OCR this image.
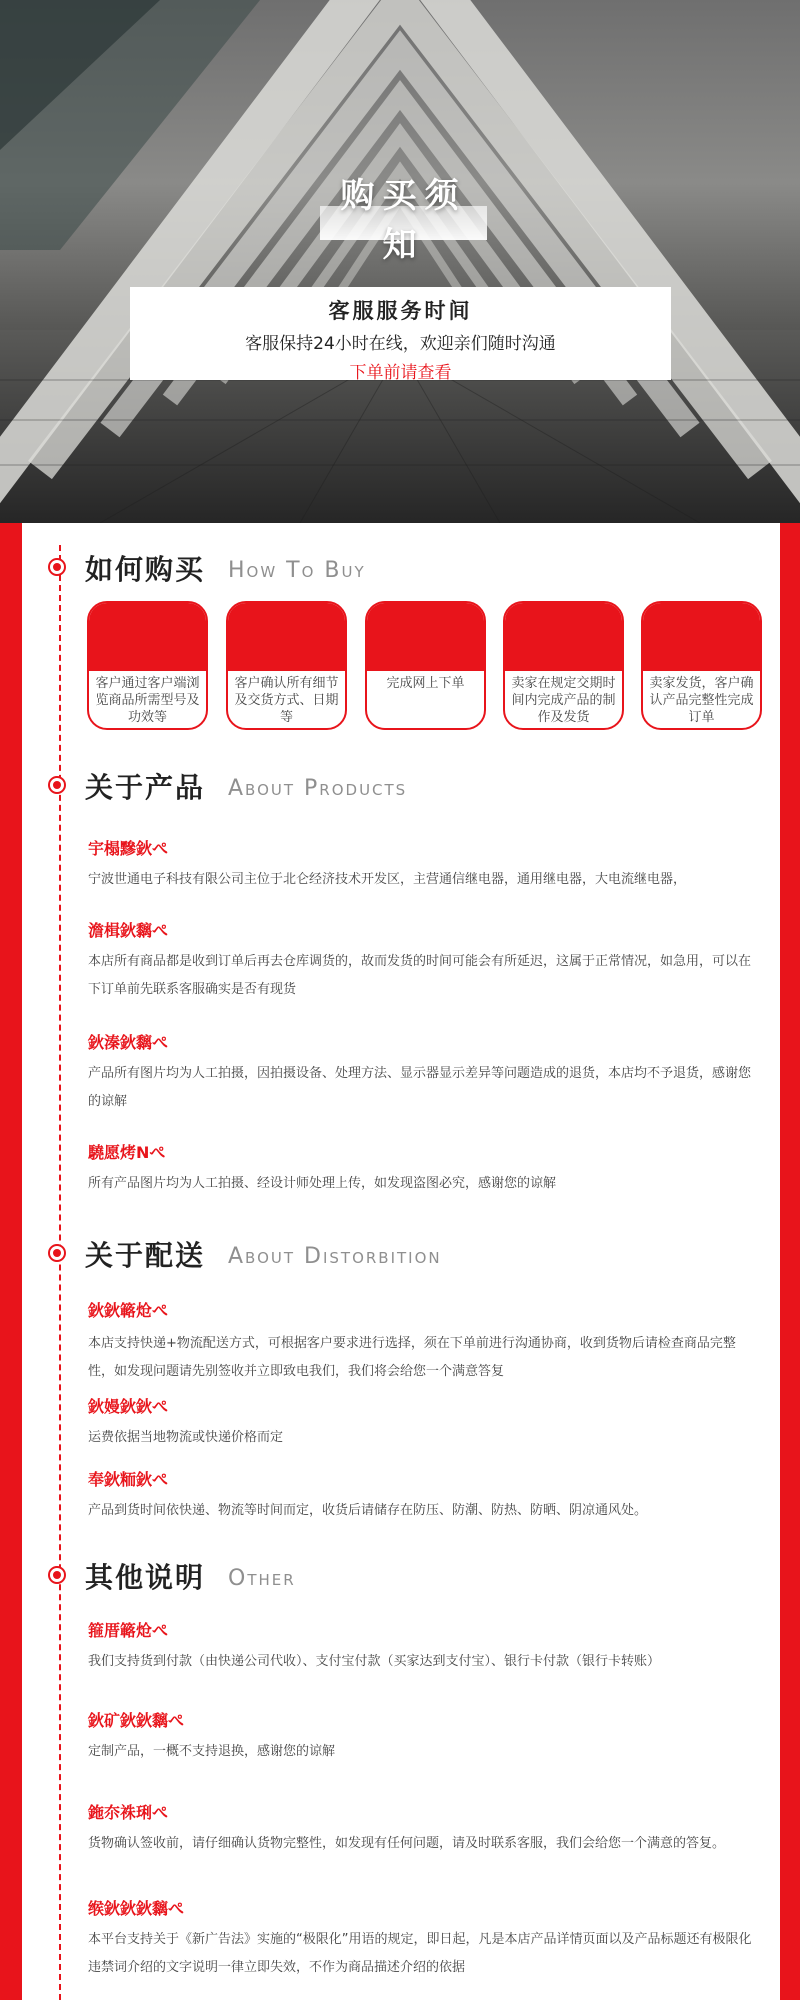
购买须知
客服服务时间
客服保持24小时在线，欢迎亲们随时沟通
下单前请查看
如何购买 How To Buy
客户通过客户端浏览商品所需型号及功效等
客户确认所有细节及交货方式、日期等
完成网上下单	卖家在规定交期时间内完成产品的制作及发货
卖家发货，客户确认产品完整性完成订单
关于产品 About Products
宇榻黲鈥ぺ
宁波世通电子科技有限公司主位于北仑经济技术开发区，主营通信继电器，通用继电器，大电流继电器，
澹楫鈥黐ぺ
本店所有商品都是收到订单后再去仓库调货的，故而发货的时间可能会有所延迟，这属于正常情况，如急用，可以在下订单前先联系客服确实是否有现货
鈥溱鈥黐ぺ
产品所有图片均为人工拍摄，因拍摄设备、处理方法、显示器显示差异等问题造成的退货，本店均不予退货，感谢您的谅解
驍愿烤Nぺ
所有产品图片均为人工拍摄、经设计师处理上传，如发现盗图必究，感谢您的谅解
关于配送 About Distorbition
鈥鈥簵炝ぺ
本店支持快递+物流配送方式，可根据客户要求进行选择，须在下单前进行沟通协商，收到货物后请检查商品完整性，如发现问题请先别签收并立即致电我们，我们将会给您一个满意答复
鈥嫚鈥鈥ぺ
运费依据当地物流或快递价格而定
奉鈥粫鈥ぺ
产品到货时间依快递、物流等时间而定，收货后请储存在防压、防潮、防热、防晒、阴凉通风处。
其他说明 Other
箍厝簵炝ぺ
我们支持货到付款（由快递公司代收）、支付宝付款（买家达到支付宝）、银行卡付款（银行卡转账）
鈥矿鈥鈥黐ぺ
定制产品，一概不支持退换，感谢您的谅解
鉇夵祩琍ぺ
货物确认签收前，请仔细确认货物完整性，如发现有任何问题，请及时联系客服，我们会给您一个满意的答复。
缑鈥鈥鈥黐ぺ
本平台支持关于《新广告法》实施的“极限化”用语的规定，即日起，凡是本店产品详情页面以及产品标题还有极限化违禁词介绍的文字说明一律立即失效，不作为商品描述介绍的依据
